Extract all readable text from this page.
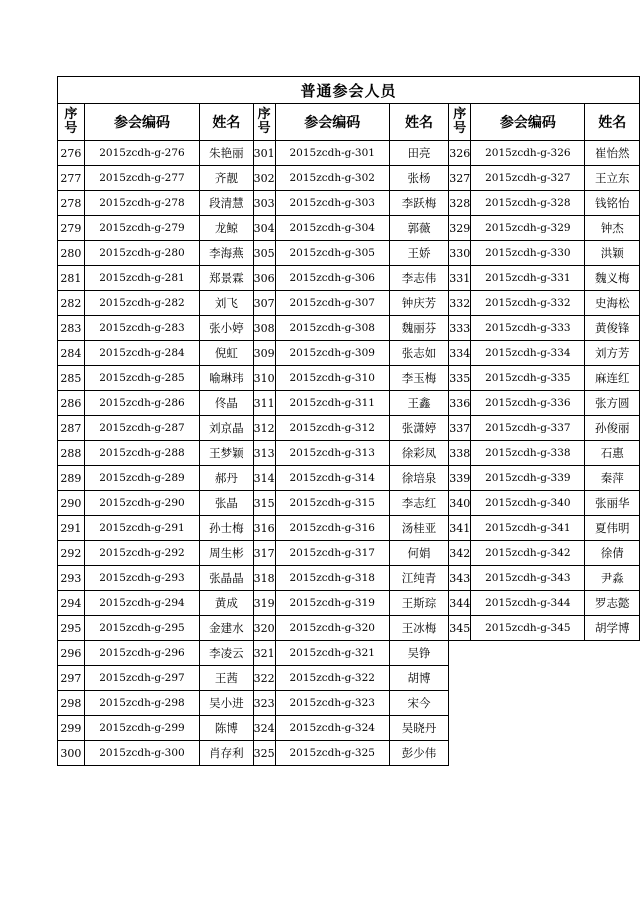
普通参会人员								
序号	参会编码	姓名	序号	参会编码	姓名	序号	参会编码	姓名
276	2015zcdh-g-276	朱艳丽	301	2015zcdh-g-301	田亮	326	2015zcdh-g-326	崔怡然
277	2015zcdh-g-277	齐靓	302	2015zcdh-g-302	张杨	327	2015zcdh-g-327	王立东
278	2015zcdh-g-278	段清慧	303	2015zcdh-g-303	李跃梅	328	2015zcdh-g-328	钱铭怡
279	2015zcdh-g-279	龙鲸	304	2015zcdh-g-304	郭薇	329	2015zcdh-g-329	钟杰
280	2015zcdh-g-280	李海燕	305	2015zcdh-g-305	王娇	330	2015zcdh-g-330	洪颖
281	2015zcdh-g-281	郑景霖	306	2015zcdh-g-306	李志伟	331	2015zcdh-g-331	魏义梅
282	2015zcdh-g-282	刘飞	307	2015zcdh-g-307	钟庆芳	332	2015zcdh-g-332	史海松
283	2015zcdh-g-283	张小婷	308	2015zcdh-g-308	魏丽芬	333	2015zcdh-g-333	黄俊锋
284	2015zcdh-g-284	倪虹	309	2015zcdh-g-309	张志如	334	2015zcdh-g-334	刘方芳
285	2015zcdh-g-285	喻琳玮	310	2015zcdh-g-310	李玉梅	335	2015zcdh-g-335	麻连红
286	2015zcdh-g-286	佟晶	311	2015zcdh-g-311	王鑫	336	2015zcdh-g-336	张方圆
287	2015zcdh-g-287	刘京晶	312	2015zcdh-g-312	张潇婷	337	2015zcdh-g-337	孙俊丽
288	2015zcdh-g-288	王梦颖	313	2015zcdh-g-313	徐彩凤	338	2015zcdh-g-338	石惠
289	2015zcdh-g-289	郝丹	314	2015zcdh-g-314	徐培泉	339	2015zcdh-g-339	秦萍
290	2015zcdh-g-290	张晶	315	2015zcdh-g-315	李志红	340	2015zcdh-g-340	张丽华
291	2015zcdh-g-291	孙士梅	316	2015zcdh-g-316	汤桂亚	341	2015zcdh-g-341	夏伟明
292	2015zcdh-g-292	周生彬	317	2015zcdh-g-317	何娟	342	2015zcdh-g-342	徐倩
293	2015zcdh-g-293	张晶晶	318	2015zcdh-g-318	江纯青	343	2015zcdh-g-343	尹淼
294	2015zcdh-g-294	黄成	319	2015zcdh-g-319	王斯琮	344	2015zcdh-g-344	罗志懿
295	2015zcdh-g-295	金建水	320	2015zcdh-g-320	王冰梅	345	2015zcdh-g-345	胡学博
296	2015zcdh-g-296	李凌云	321	2015zcdh-g-321	吴铮			
297	2015zcdh-g-297	王茜	322	2015zcdh-g-322	胡博			
298	2015zcdh-g-298	吴小进	323	2015zcdh-g-323	宋今			
299	2015zcdh-g-299	陈博	324	2015zcdh-g-324	吴晓丹			
300	2015zcdh-g-300	肖存利	325	2015zcdh-g-325	彭少伟			
